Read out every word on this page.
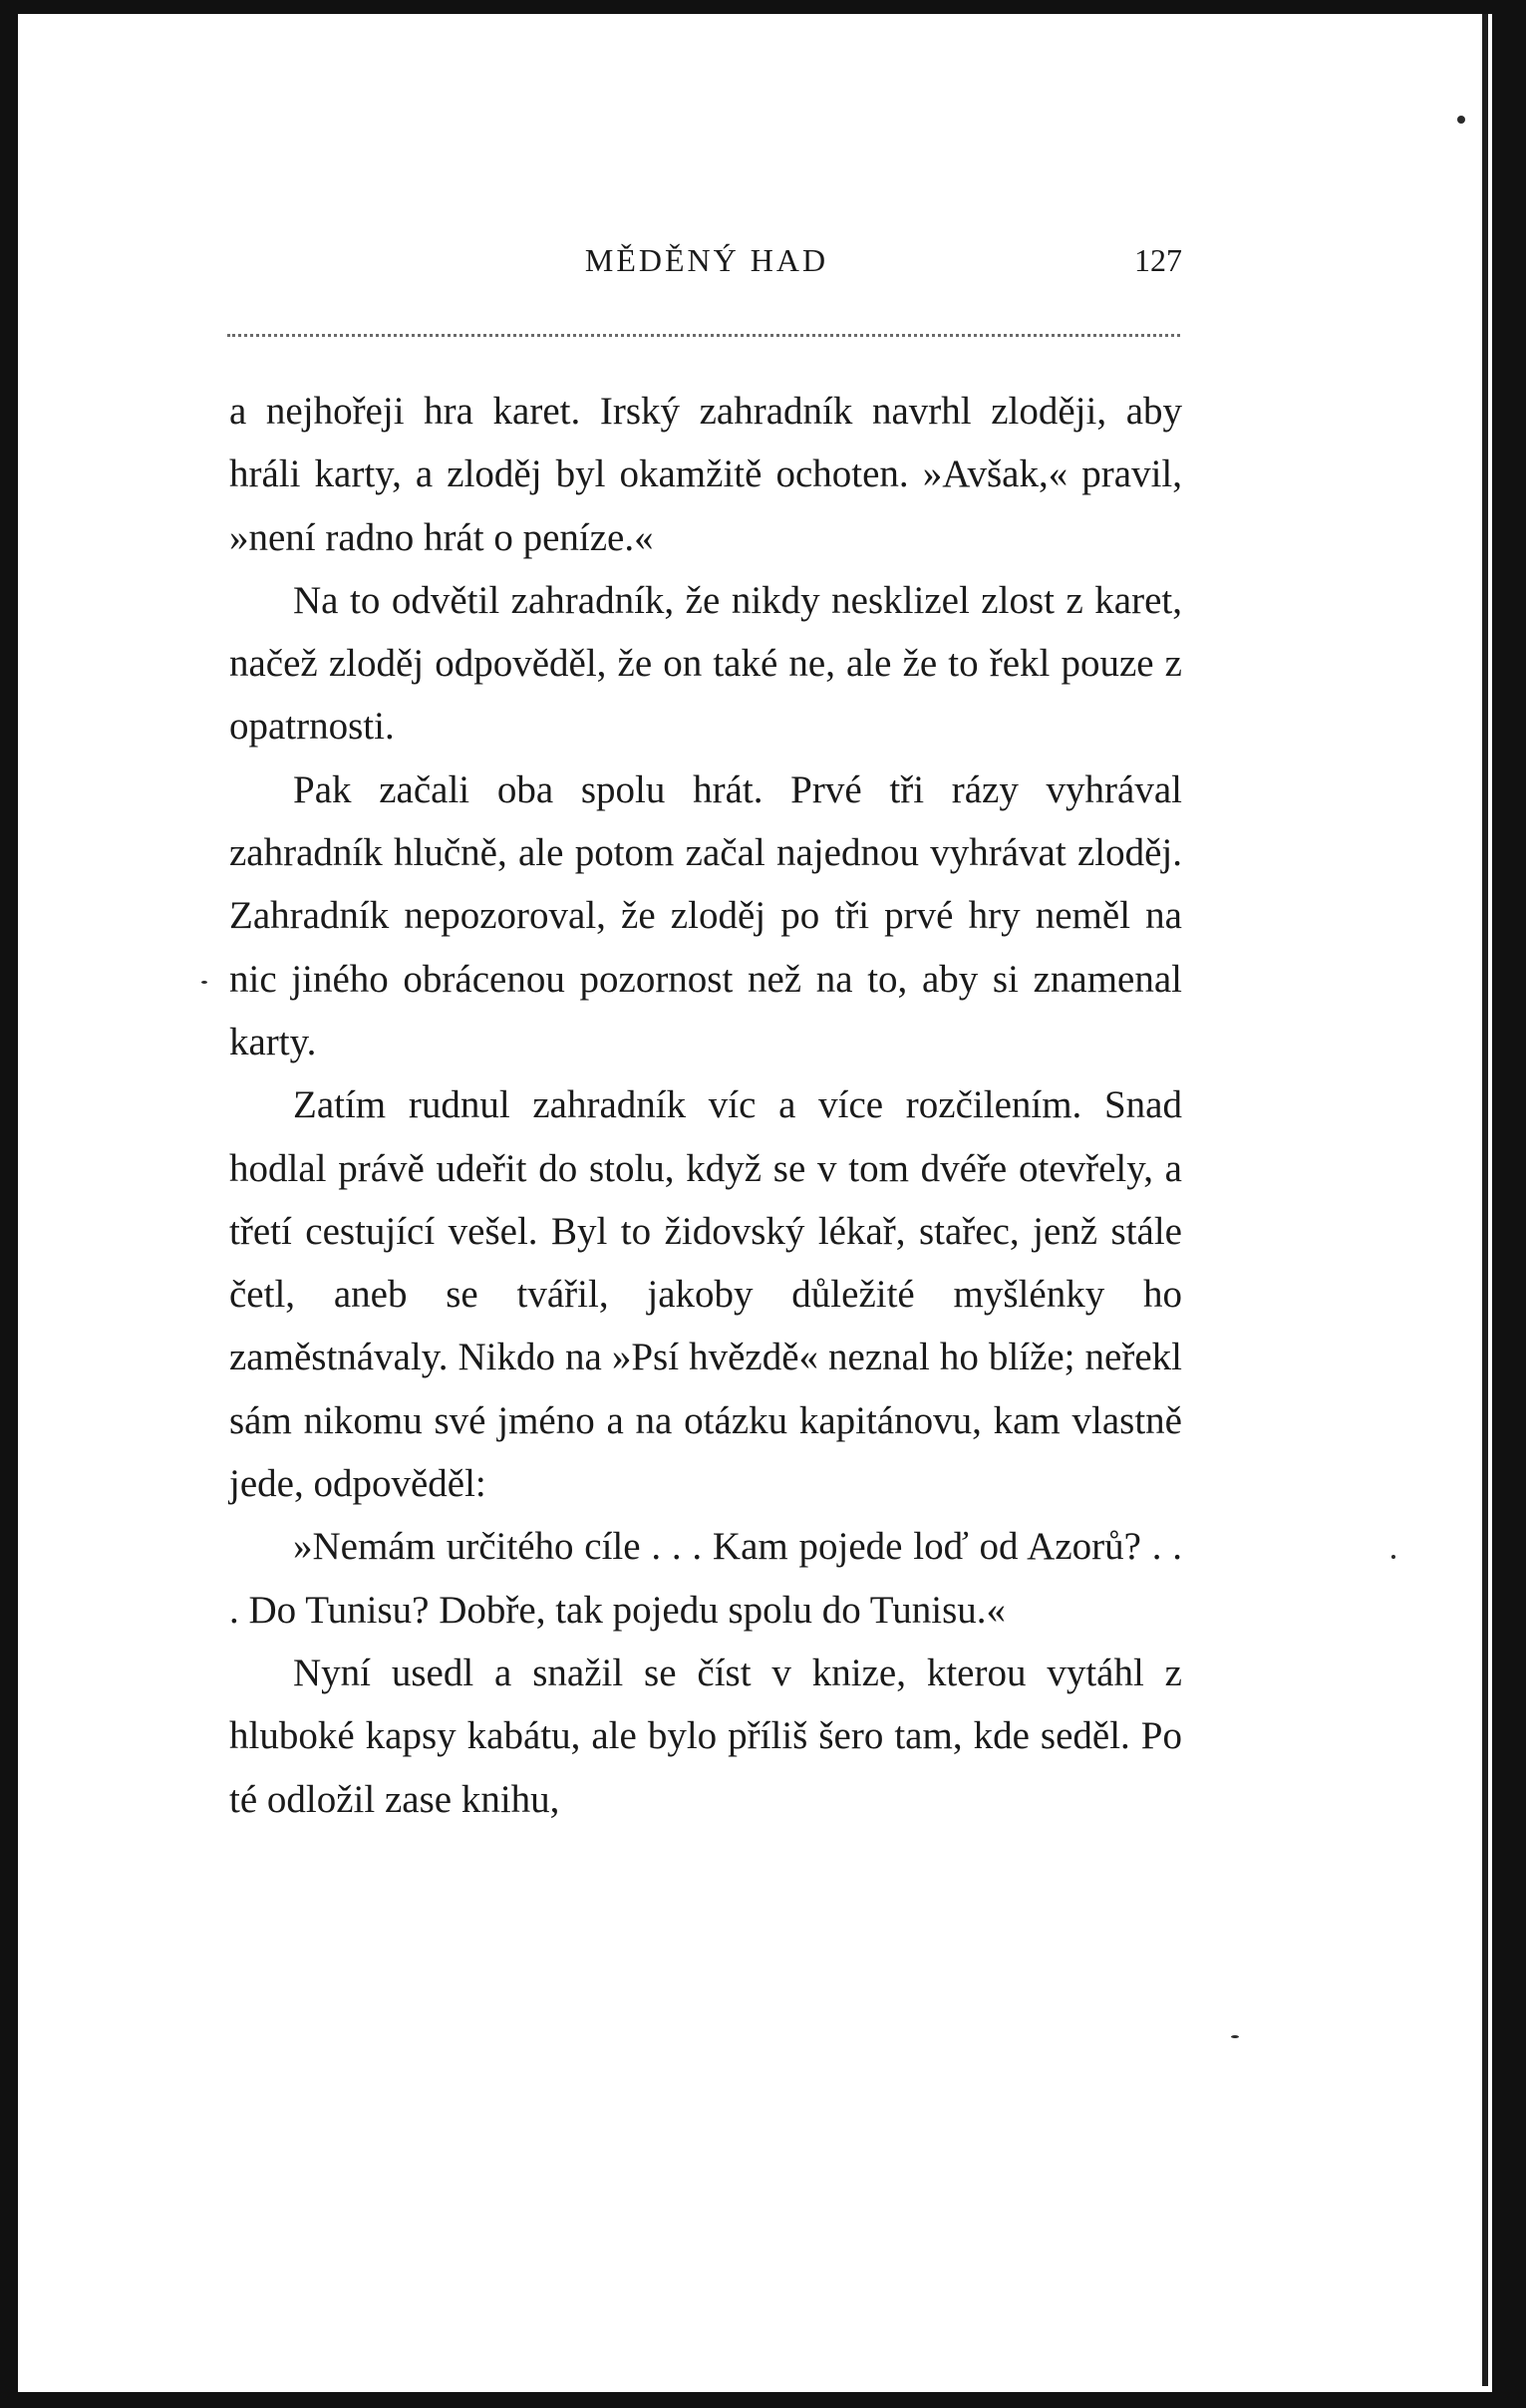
MĚDĚNÝ HAD	127

a nejhořeji hra karet. Irský zahradník navrhl zloději, aby hráli karty, a zloděj byl okamžitě ochoten. »Avšak,« pravil, »není radno hrát o peníze.«

Na to odvětil zahradník, že nikdy nesklizel zlost z karet, načež zloděj odpověděl, že on také ne, ale že to řekl pouze z opatrnosti.

Pak začali oba spolu hrát. Prvé tři rázy vyhrával zahradník hlučně, ale potom začal najednou vyhrávat zloděj. Zahradník nepozoroval, že zloděj po tři prvé hry neměl na nic jiného obrácenou pozornost než na to, aby si znamenal karty.

Zatím rudnul zahradník víc a více rozčilením. Snad hodlal právě udeřit do stolu, když se v tom dvéře otevřely, a třetí cestující vešel. Byl to židovský lékař, stařec, jenž stále četl, aneb se tvářil, jakoby důležité myšlénky ho zaměstnávaly. Nikdo na »Psí hvězdě« neznal ho blíže; neřekl sám nikomu své jméno a na otázku kapitánovu, kam vlastně jede, odpověděl:

»Nemám určitého cíle . . . Kam pojede loď od Azorů? . . . Do Tunisu? Dobře, tak pojedu spolu do Tunisu.«

Nyní usedl a snažil se číst v knize, kterou vytáhl z hluboké kapsy kabátu, ale bylo příliš šero tam, kde seděl. Po té odložil zase knihu,
